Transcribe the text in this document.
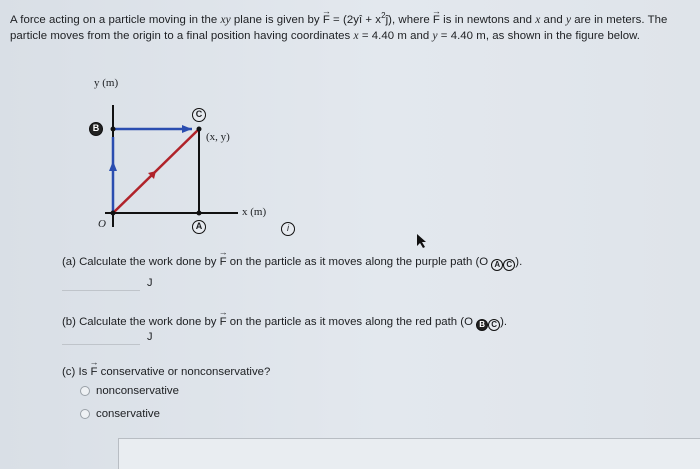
A force acting on a particle moving in the xy plane is given by → F = (2yî + $x^2ĵ$), where → F is in newtons and x and y are in meters. The particle moves from the origin to a final position having coordinates x = 4.40 m and y = 4.40 m, as shown in the figure below.
y (m)
x (m)
(x, y)
O
B
C
A	i
(a) Calculate the work done by → F on the particle as it moves along the purple path (O A C ).
J
(b) Calculate the work done by → F on the particle as it moves along the red path (O B C ).
J
(c) Is → F conservative or nonconservative?
nonconservative
conservative
